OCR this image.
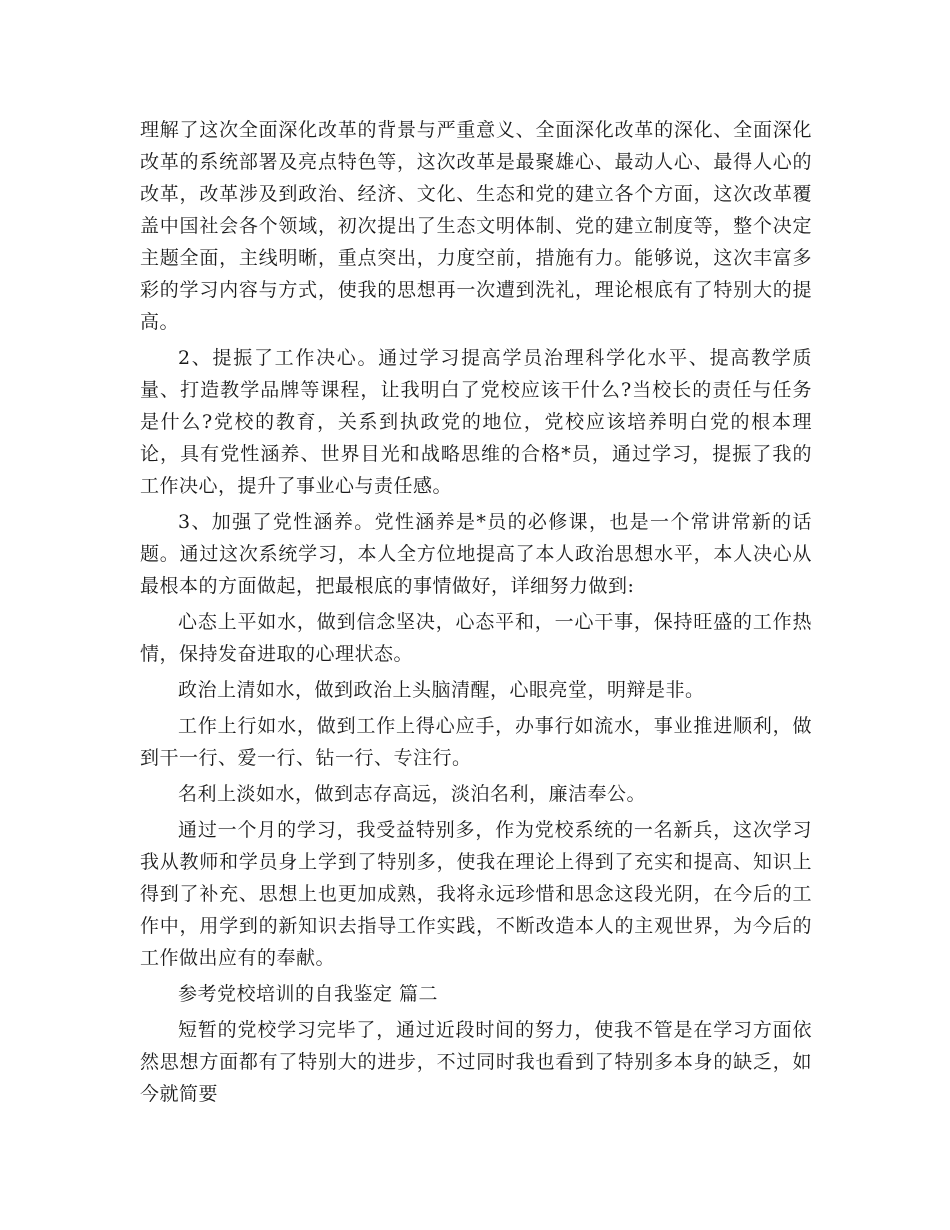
理解了这次全面深化改革的背景与严重意义、全面深化改革的深化、全面深化改革的系统部署及亮点特色等，这次改革是最聚雄心、最动人心、最得人心的改革，改革涉及到政治、经济、文化、生态和党的建立各个方面，这次改革覆盖中国社会各个领域，初次提出了生态文明体制、党的建立制度等，整个决定主题全面，主线明晰，重点突出，力度空前，措施有力。能够说，这次丰富多彩的学习内容与方式，使我的思想再一次遭到洗礼，理论根底有了特别大的提高。

2、提振了工作决心。通过学习提高学员治理科学化水平、提高教学质量、打造教学品牌等课程，让我明白了党校应该干什么?当校长的责任与任务是什么?党校的教育，关系到执政党的地位，党校应该培养明白党的根本理论，具有党性涵养、世界目光和战略思维的合格*员，通过学习，提振了我的工作决心，提升了事业心与责任感。

3、加强了党性涵养。党性涵养是*员的必修课，也是一个常讲常新的话题。通过这次系统学习，本人全方位地提高了本人政治思想水平，本人决心从最根本的方面做起，把最根底的事情做好，详细努力做到:

心态上平如水，做到信念坚决，心态平和，一心干事，保持旺盛的工作热情，保持发奋进取的心理状态。

政治上清如水，做到政治上头脑清醒，心眼亮堂，明辩是非。

工作上行如水，做到工作上得心应手，办事行如流水，事业推进顺利，做到干一行、爱一行、钻一行、专注行。

名利上淡如水，做到志存高远，淡泊名利，廉洁奉公。

通过一个月的学习，我受益特别多，作为党校系统的一名新兵，这次学习我从教师和学员身上学到了特别多，使我在理论上得到了充实和提高、知识上得到了补充、思想上也更加成熟，我将永远珍惜和思念这段光阴，在今后的工作中，用学到的新知识去指导工作实践，不断改造本人的主观世界，为今后的工作做出应有的奉献。

参考党校培训的自我鉴定 篇二

短暂的党校学习完毕了，通过近段时间的努力，使我不管是在学习方面依然思想方面都有了特别大的进步，不过同时我也看到了特别多本身的缺乏，如今就简要
